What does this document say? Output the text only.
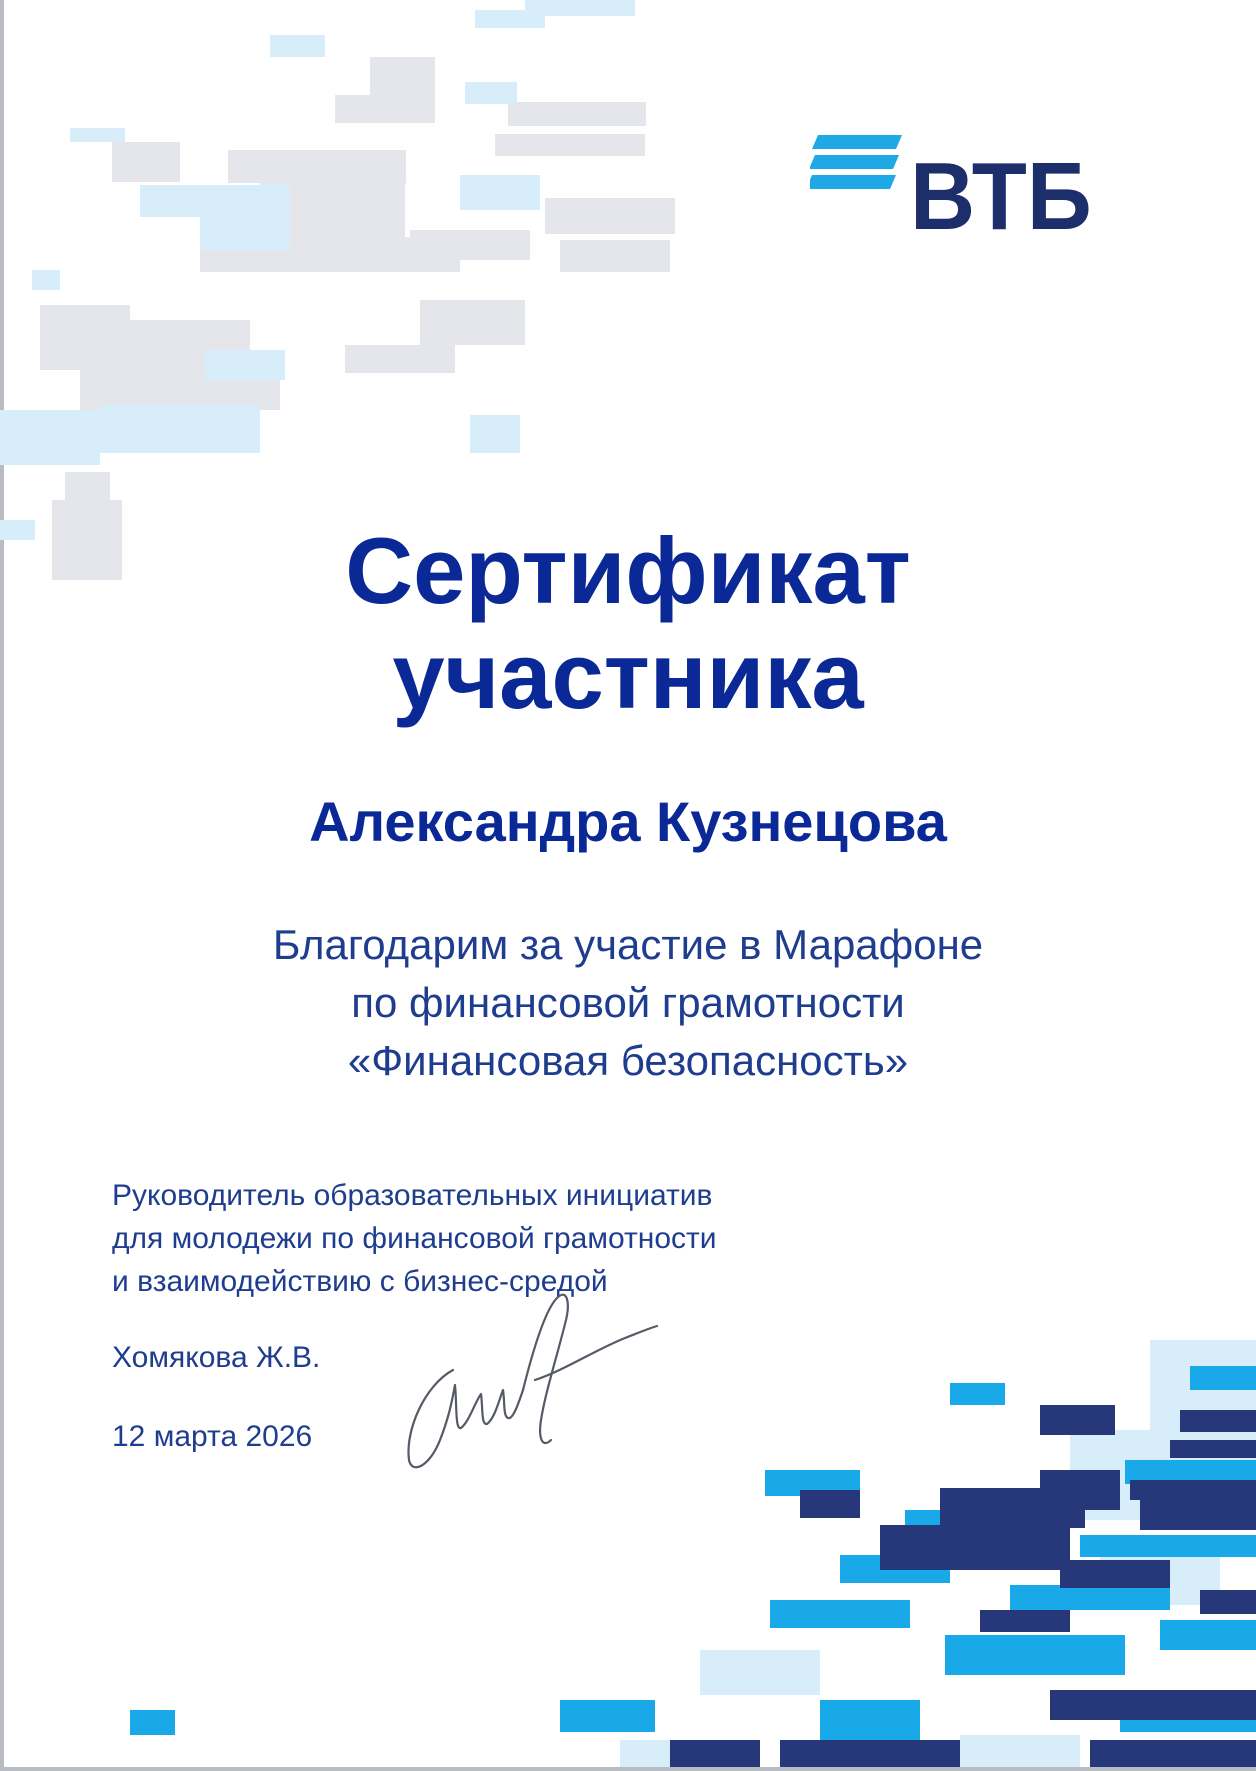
ВТБ
Сертификат
участника

Александра Кузнецова

Благодарим за участие в Марафоне
по финансовой грамотности
«Финансовая безопасность»

Руководитель образовательных инициатив
для молодежи по финансовой грамотности
и взаимодействию с бизнес-средой

Хомякова Ж.В.
12 марта 2026
